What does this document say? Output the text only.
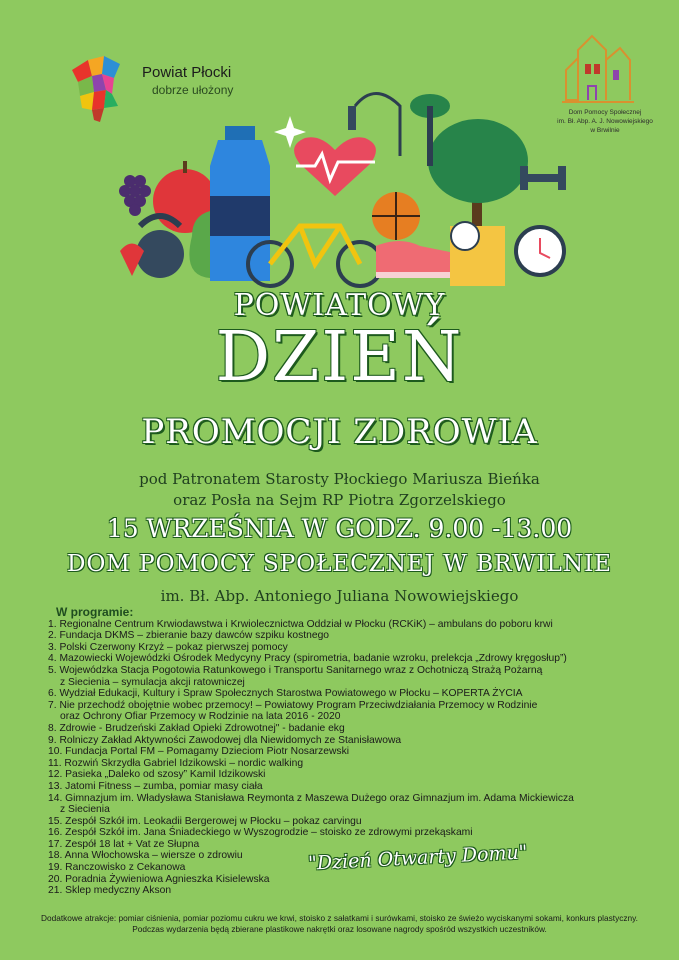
Powiat Płocki
dobrze ułożony
Dom Pomocy Społecznej
im. Bł. Abp. A. J. Nowowiejskiego
w Brwilnie
POWIATOWY
DZIEŃ
PROMOCJI ZDROWIA
pod Patronatem Starosty Płockiego Mariusza Bieńka
oraz Posła na Sejm RP Piotra Zgorzelskiego
15 WRZEŚNIA W GODZ. 9.00 -13.00
DOM POMOCY SPOŁECZNEJ W BRWILNIE
im. Bł. Abp. Antoniego Juliana Nowowiejskiego
W programie:
1. Regionalne Centrum Krwiodawstwa i Krwiolecznictwa Oddział w Płocku (RCKiK) – ambulans do poboru krwi
2. Fundacja DKMS – zbieranie bazy dawców szpiku kostnego
3. Polski Czerwony Krzyż – pokaz pierwszej pomocy
4. Mazowiecki Wojewódzki Ośrodek Medycyny Pracy (spirometria, badanie wzroku, prelekcja „Zdrowy kręgosłup”)
5. Wojewódzka Stacja Pogotowia Ratunkowego i Transportu Sanitarnego wraz z Ochotniczą Strażą Pożarną
z Siecienia – symulacja akcji ratowniczej
6. Wydział Edukacji, Kultury i Spraw Społecznych Starostwa Powiatowego w Płocku – KOPERTA ŻYCIA
7. Nie przechodź obojętnie wobec przemocy! – Powiatowy Program Przeciwdziałania Przemocy w Rodzinie
oraz Ochrony Ofiar Przemocy w Rodzinie na lata 2016 - 2020
8. Zdrowie - Brudzeński Zakład Opieki Zdrowotnej" - badanie ekg
9. Rolniczy Zakład Aktywności Zawodowej dla Niewidomych ze Stanisławowa
10. Fundacja Portal FM – Pomagamy Dzieciom Piotr Nosarzewski
11. Rozwiń Skrzydła Gabriel Idzikowski – nordic walking
12. Pasieka „Daleko od szosy” Kamil Idzikowski
13. Jatomi Fitness – zumba, pomiar masy ciała
14. Gimnazjum im. Władysława Stanisława Reymonta z Maszewa Dużego oraz Gimnazjum im. Adama Mickiewicza
z Siecienia
15. Zespół Szkół im. Leokadii Bergerowej w Płocku – pokaz carvingu
16. Zespół Szkół im. Jana Śniadeckiego w Wyszogrodzie – stoisko ze zdrowymi przekąskami
17. Zespół 18 lat + Vat ze Słupna
18. Anna Włochowska – wiersze o zdrowiu
19. Ranczowisko z Cekanowa
20. Poradnia Żywieniowa Agnieszka Kisielewska
21. Sklep medyczny Akson
"Dzień Otwarty Domu"
Dodatkowe atrakcje: pomiar ciśnienia, pomiar poziomu cukru we krwi, stoisko z sałatkami i surówkami, stoisko ze świeżo wyciskanymi sokami, konkurs plastyczny.
Podczas wydarzenia będą zbierane plastikowe nakrętki oraz losowane nagrody spośród wszystkich uczestników.
